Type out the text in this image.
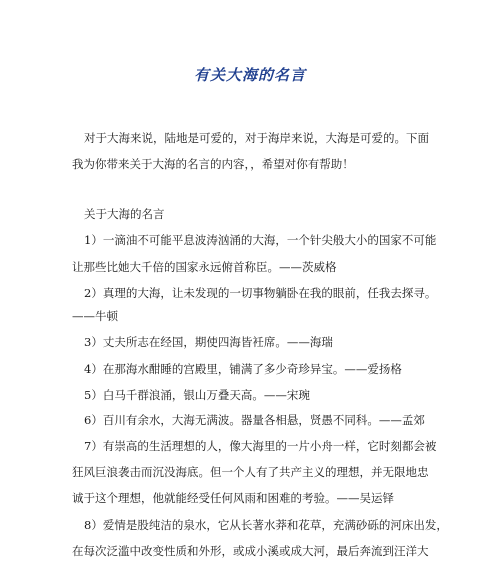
有关大海的名言

对于大海来说，陆地是可爱的，对于海岸来说，大海是可爱的。下面

我为你带来关于大海的名言的内容，，希望对你有帮助！

关于大海的名言

1）一滴油不可能平息波涛汹涌的大海，一个针尖般大小的国家不可能

让那些比她大千倍的国家永远俯首称臣。——茨威格

2）真理的大海，让未发现的一切事物躺卧在我的眼前，任我去探寻。

——牛顿

3）丈夫所志在经国，期使四海皆衽席。——海瑞

4）在那海水酣睡的宫殿里，铺满了多少奇珍异宝。——爱扬格

5）白马千群浪涌，银山万叠天高。——宋琬

6）百川有余水，大海无满波。器量各相悬，贤愚不同科。——孟郊

7）有崇高的生活理想的人，像大海里的一片小舟一样，它时刻都会被

狂风巨浪袭击而沉没海底。但一个人有了共产主义的理想，并无限地忠

诚于这个理想，他就能经受任何风雨和困难的考验。——吴运铎

8）爱情是股纯洁的泉水，它从长著水莽和花草，充满砂砾的河床出发，

在每次泛滥中改变性质和外形，或成小溪或成大河，最后奔流到汪洋大
